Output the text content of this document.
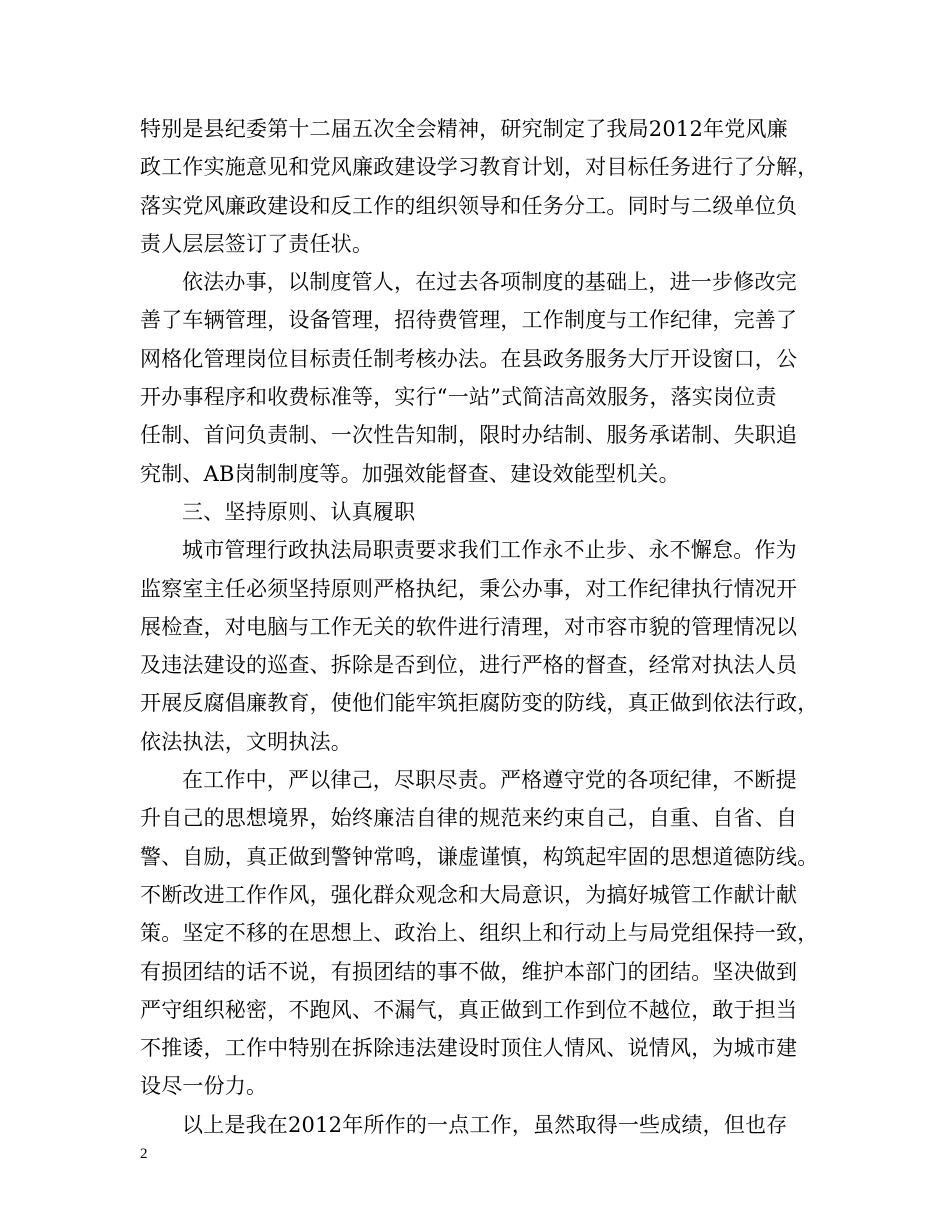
特别是县纪委第十二届五次全会精神，研究制定了我局2012年党风廉
政工作实施意见和党风廉政建设学习教育计划，对目标任务进行了分解，
落实党风廉政建设和反工作的组织领导和任务分工。同时与二级单位负
责人层层签订了责任状。
依法办事，以制度管人，在过去各项制度的基础上，进一步修改完
善了车辆管理，设备管理，招待费管理，工作制度与工作纪律，完善了
网格化管理岗位目标责任制考核办法。在县政务服务大厅开设窗口，公
开办事程序和收费标准等，实行“一站”式简洁高效服务，落实岗位责
任制、首问负责制、一次性告知制，限时办结制、服务承诺制、失职追
究制、AB岗制制度等。加强效能督查、建设效能型机关。
三、坚持原则、认真履职
城市管理行政执法局职责要求我们工作永不止步、永不懈怠。作为
监察室主任必须坚持原则严格执纪，秉公办事，对工作纪律执行情况开
展检查，对电脑与工作无关的软件进行清理，对市容市貌的管理情况以
及违法建设的巡查、拆除是否到位，进行严格的督查，经常对执法人员
开展反腐倡廉教育，使他们能牢筑拒腐防变的防线，真正做到依法行政，
依法执法，文明执法。
在工作中，严以律己，尽职尽责。严格遵守党的各项纪律，不断提
升自己的思想境界，始终廉洁自律的规范来约束自己，自重、自省、自
警、自励，真正做到警钟常鸣，谦虚谨慎，构筑起牢固的思想道德防线。
不断改进工作作风，强化群众观念和大局意识，为搞好城管工作献计献
策。坚定不移的在思想上、政治上、组织上和行动上与局党组保持一致，
有损团结的话不说，有损团结的事不做，维护本部门的团结。坚决做到
严守组织秘密，不跑风、不漏气，真正做到工作到位不越位，敢于担当
不推诿，工作中特别在拆除违法建设时顶住人情风、说情风，为城市建
设尽一份力。
以上是我在2012年所作的一点工作，虽然取得一些成绩，但也存
2
